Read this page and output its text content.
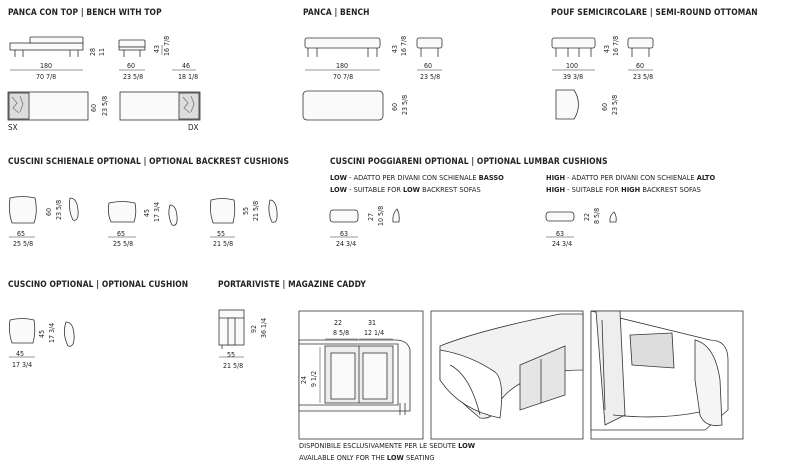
PANCA CON TOP | BENCH WITH TOP	PANCA | BENCH	POUF SEMICIRCOLARE | SEMI-ROUND OTTOMAN
CUSCINI SCHIENALE OPTIONAL | OPTIONAL BACKREST CUSHIONS	CUSCINI POGGIARENI OPTIONAL | OPTIONAL LUMBAR CUSHIONS
CUSCINO OPTIONAL | OPTIONAL CUSHION	PORTARIVISTE | MAGAZINE CADDY
180
70 7/8
28 11	43 16 7/8
60
23 5/8
46
18 1/8
60 23 5/8
SX	DX
180
70 7/8
43 16 7/8
60
23 5/8
60 23 5/8
100
39 3/8
43 16 7/8
60
23 5/8
60 23 5/8
65
25 5/8
60 23 5/8
65
25 5/8
45 17 3/4
55
21 5/8
55 21 5/8
LOW - ADATTO PER DIVANI CON SCHIENALE BASSO
LOW - SUITABLE FOR LOW BACKREST SOFAS
HIGH - ADATTO PER DIVANI CON SCHIENALE ALTO
HIGH - SUITABLE FOR HIGH BACKREST SOFAS
63
24 3/4
27 10 5/8
63
24 3/4
22 8 5/8
45
17 3/4
45 17 3/4	92 36 1/4
55
21 5/8
22
8 5/8
31
12 1/4
24 9 1/2
DISPONIBILE ESCLUSIVAMENTE PER LE SEDUTE LOW
AVAILABLE ONLY FOR THE LOW SEATING
